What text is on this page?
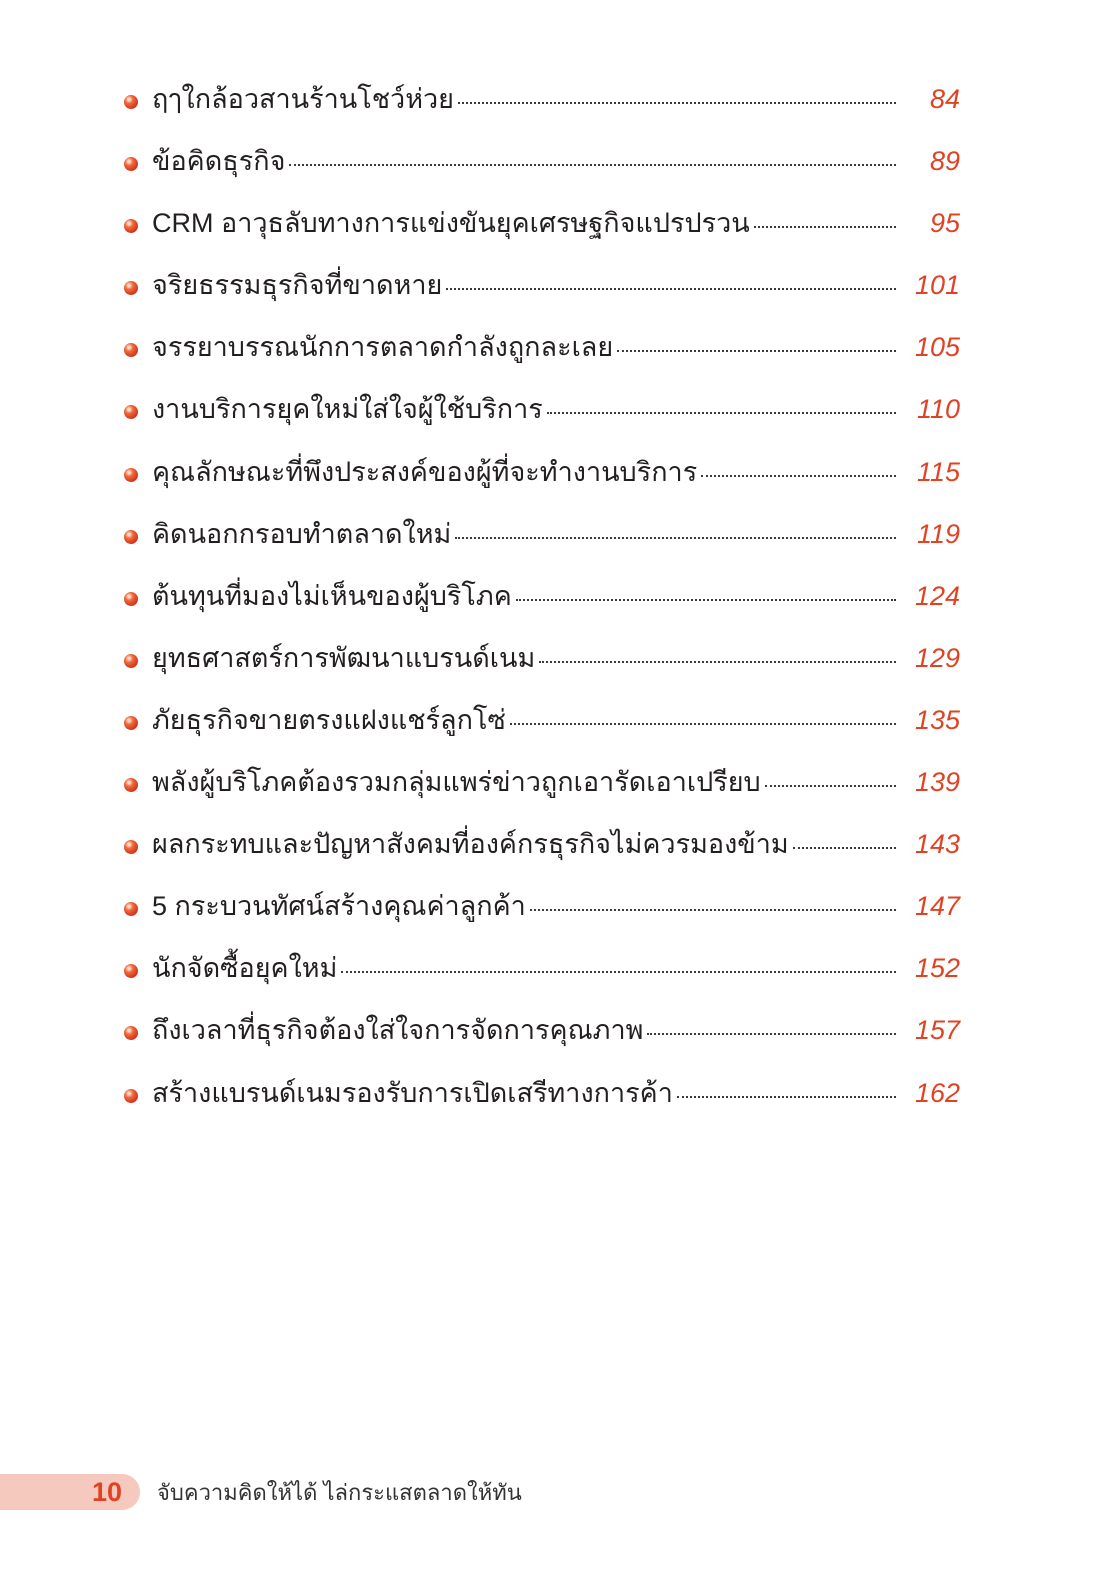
ฤๅใกล้อวสานร้านโชว์ห่วย	84
ข้อคิดธุรกิจ	89
CRM อาวุธลับทางการแข่งขันยุคเศรษฐกิจแปรปรวน	95
จริยธรรมธุรกิจที่ขาดหาย	101
จรรยาบรรณนักการตลาดกำลังถูกละเลย	105
งานบริการยุคใหม่ใส่ใจผู้ใช้บริการ	110
คุณลักษณะที่พึงประสงค์ของผู้ที่จะทำงานบริการ	115
คิดนอกกรอบทำตลาดใหม่	119
ต้นทุนที่มองไม่เห็นของผู้บริโภค	124
ยุทธศาสตร์การพัฒนาแบรนด์เนม	129
ภัยธุรกิจขายตรงแฝงแชร์ลูกโซ่	135
พลังผู้บริโภคต้องรวมกลุ่มแพร่ข่าวถูกเอารัดเอาเปรียบ	139
ผลกระทบและปัญหาสังคมที่องค์กรธุรกิจไม่ควรมองข้าม	143
5 กระบวนทัศน์สร้างคุณค่าลูกค้า	147
นักจัดซื้อยุคใหม่	152
ถึงเวลาที่ธุรกิจต้องใส่ใจการจัดการคุณภาพ	157
สร้างแบรนด์เนมรองรับการเปิดเสรีทางการค้า	162
10 จับความคิดให้ได้ ไล่กระแสตลาดให้ทัน
